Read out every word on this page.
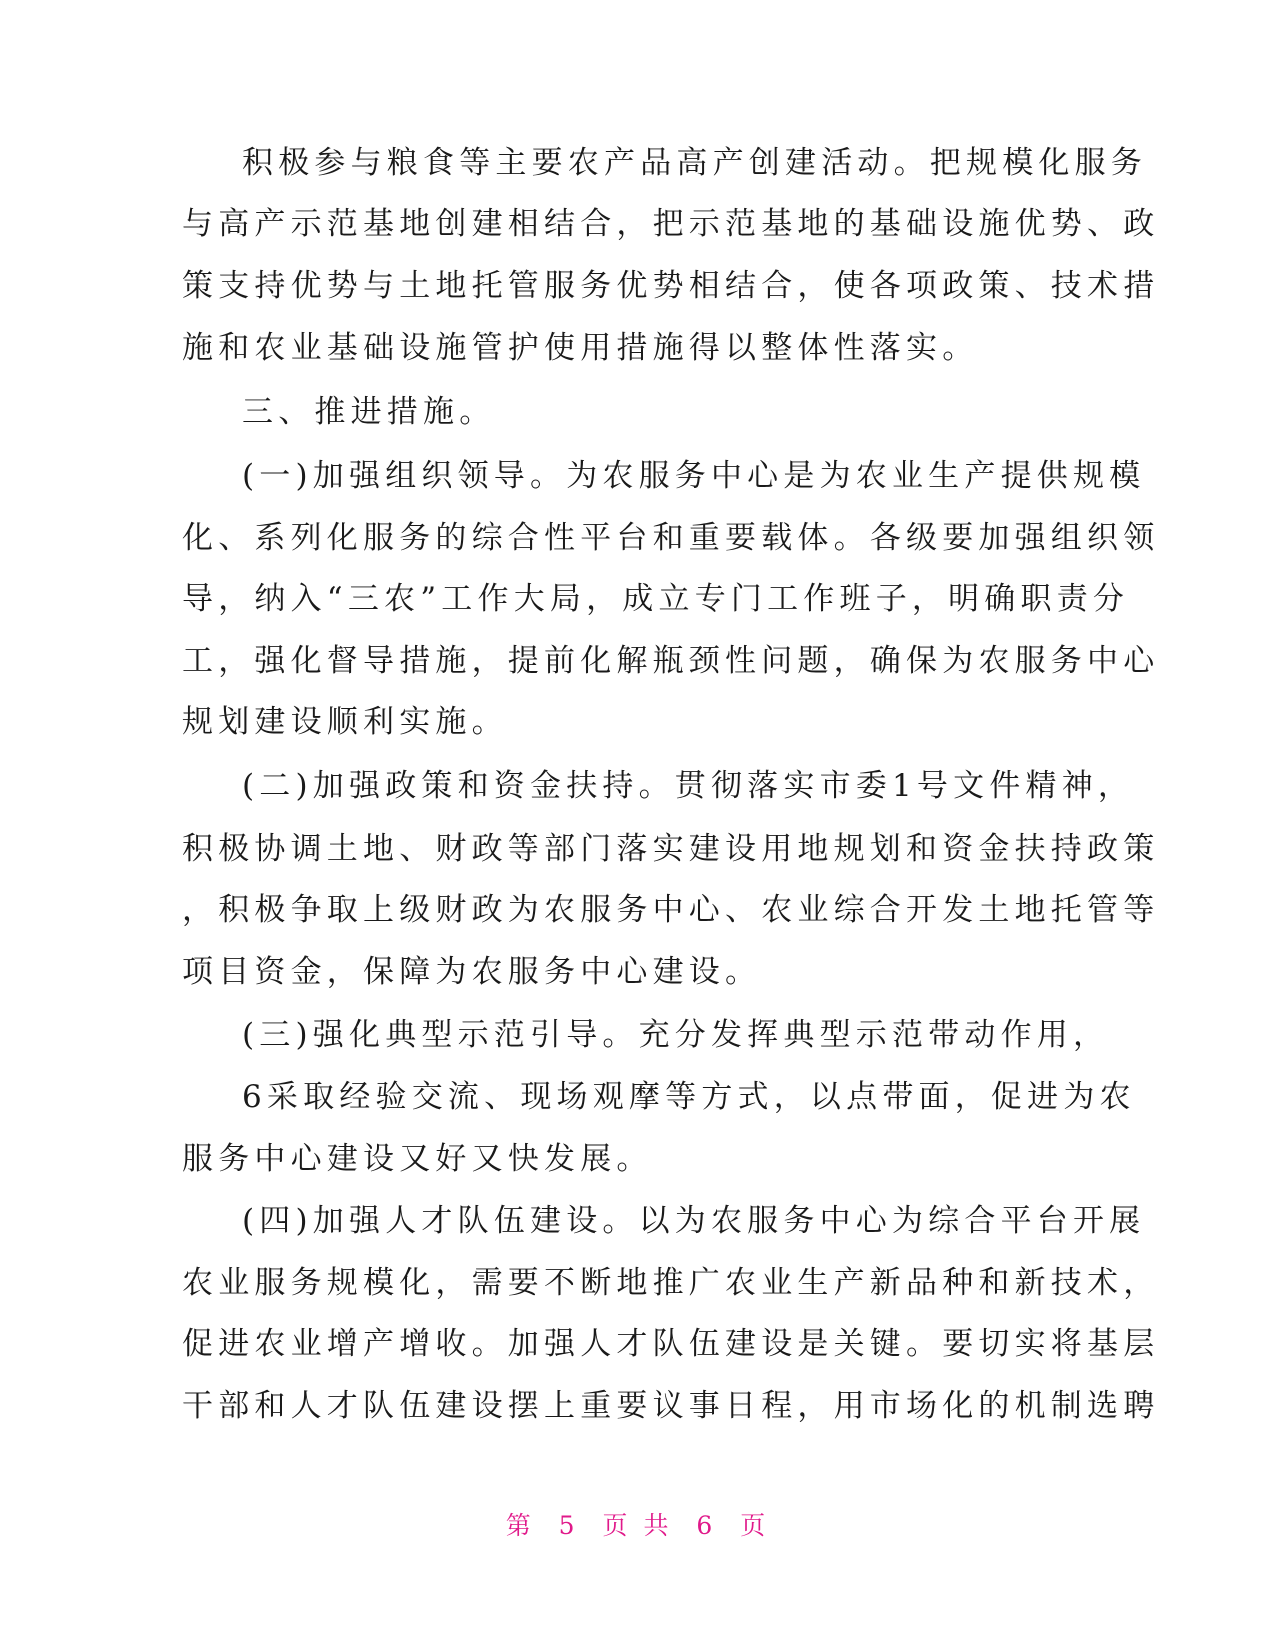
积极参与粮食等主要农产品高产创建活动。把规模化服务
与高产示范基地创建相结合，把示范基地的基础设施优势、政
策支持优势与土地托管服务优势相结合，使各项政策、技术措
施和农业基础设施管护使用措施得以整体性落实。
三、推进措施。
(一)加强组织领导。为农服务中心是为农业生产提供规模
化、系列化服务的综合性平台和重要载体。各级要加强组织领
导，纳入“三农”工作大局，成立专门工作班子，明确职责分
工，强化督导措施，提前化解瓶颈性问题，确保为农服务中心
规划建设顺利实施。
(二)加强政策和资金扶持。贯彻落实市委1号文件精神，
积极协调土地、财政等部门落实建设用地规划和资金扶持政策
，积极争取上级财政为农服务中心、农业综合开发土地托管等
项目资金，保障为农服务中心建设。
(三)强化典型示范引导。充分发挥典型示范带动作用，
6采取经验交流、现场观摩等方式，以点带面，促进为农
服务中心建设又好又快发展。
(四)加强人才队伍建设。以为农服务中心为综合平台开展
农业服务规模化，需要不断地推广农业生产新品种和新技术，
促进农业增产增收。加强人才队伍建设是关键。要切实将基层
干部和人才队伍建设摆上重要议事日程，用市场化的机制选聘
第 5 页 共 6 页
